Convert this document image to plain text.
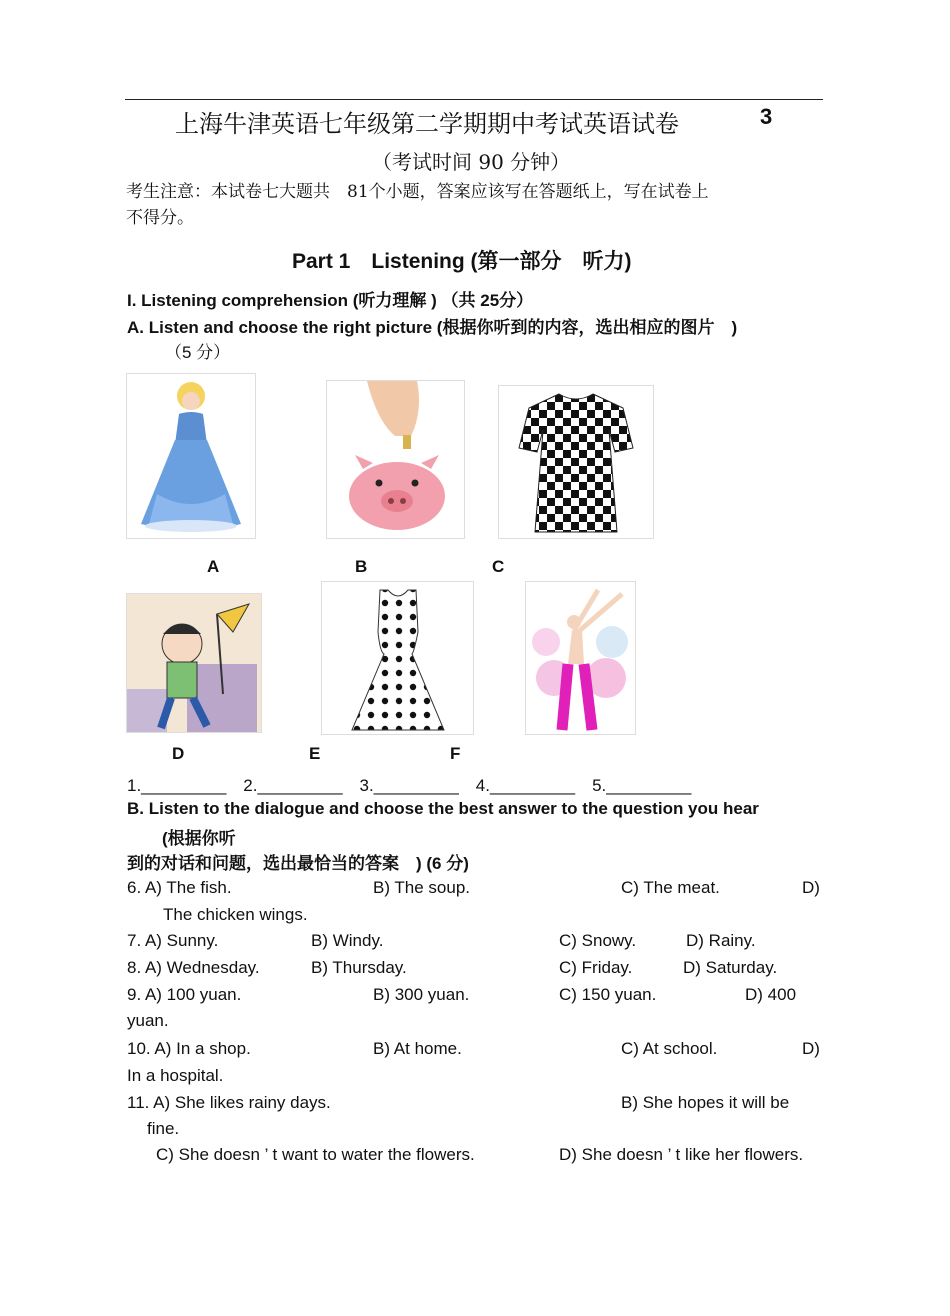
上海牛津英语七年级第二学期期中考试英语试卷	3
（考试时间 90 分钟）
考生注意：本试卷七大题共　81个小题，答案应该写在答题纸上，写在试卷上
不得分。
Part 1　Listening (第一部分　听力)
I. Listening comprehension (听力理解 ) （共 25分）
A. Listen and choose the right picture (根据你听到的内容，选出相应的图片　)
（5 分）
A	B	C
D	E	F
1._________　2._________　3._________　4._________　5._________
B. Listen to the dialogue and choose the best answer to the question you hear
(根据你听
到的对话和问题，选出最恰当的答案　) (6 分)
6. A) The fish.	B) The soup.	C) The meat.	D)
The chicken wings.
7. A) Sunny.	B) Windy.	C) Snowy.	D) Rainy.
8. A) Wednesday.	B) Thursday.	C) Friday.	D) Saturday.
9. A) 100 yuan.	B) 300 yuan.	C) 150 yuan.	D) 400
yuan.
10. A) In a shop.	B) At home.	C) At school.	D)
In a hospital.
11. A) She likes rainy days.	B) She hopes it will be
fine.
C) She doesn ’ t want to water the flowers.	D) She doesn ’ t like her flowers.
